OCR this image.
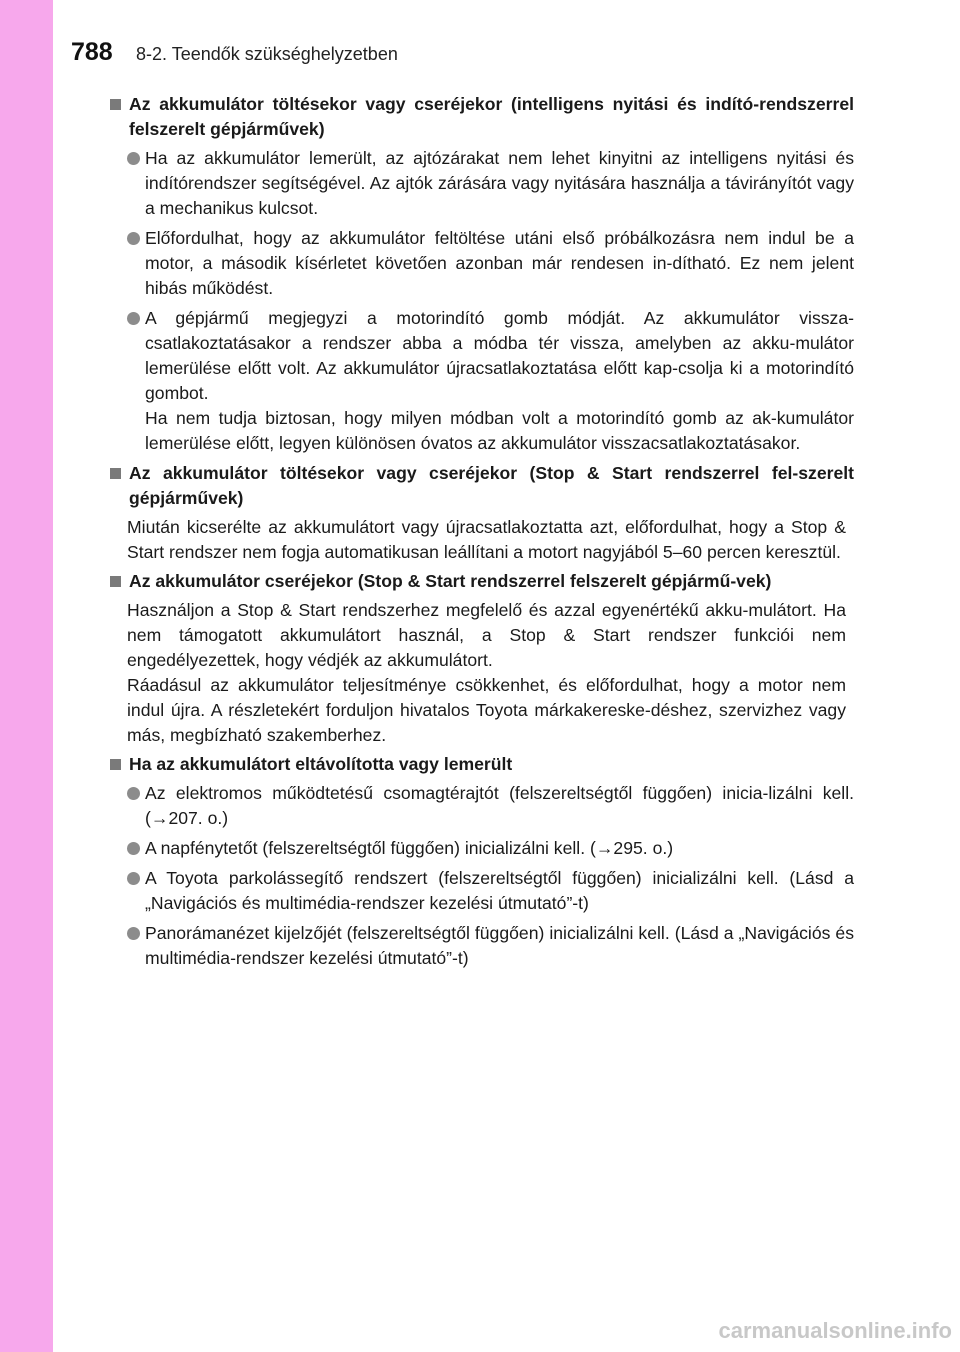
788 8-2. Teendők szükséghelyzetben
Az akkumulátor töltésekor vagy cseréjekor (intelligens nyitási és indító-rendszerrel felszerelt gépjárművek)
Ha az akkumulátor lemerült, az ajtózárakat nem lehet kinyitni az intelligens nyitási és indítórendszer segítségével. Az ajtók zárására vagy nyitására használja a távirányítót vagy a mechanikus kulcsot.
Előfordulhat, hogy az akkumulátor feltöltése utáni első próbálkozásra nem indul be a motor, a második kísérletet követően azonban már rendesen in-dítható. Ez nem jelent hibás működést.
A gépjármű megjegyzi a motorindító gomb módját. Az akkumulátor vissza-csatlakoztatásakor a rendszer abba a módba tér vissza, amelyben az akku-mulátor lemerülése előtt volt. Az akkumulátor újracsatlakoztatása előtt kap-csolja ki a motorindító gombot.
Ha nem tudja biztosan, hogy milyen módban volt a motorindító gomb az ak-kumulátor lemerülése előtt, legyen különösen óvatos az akkumulátor visszacsatlakoztatásakor.
Az akkumulátor töltésekor vagy cseréjekor (Stop & Start rendszerrel fel-szerelt gépjárművek)
Miután kicserélte az akkumulátort vagy újracsatlakoztatta azt, előfordulhat, hogy a Stop & Start rendszer nem fogja automatikusan leállítani a motort nagyjából 5–60 percen keresztül.
Az akkumulátor cseréjekor (Stop & Start rendszerrel felszerelt gépjármű-vek)
Használjon a Stop & Start rendszerhez megfelelő és azzal egyenértékű akku-mulátort. Ha nem támogatott akkumulátort használ, a Stop & Start rendszer funkciói nem engedélyezettek, hogy védjék az akkumulátort.
Ráadásul az akkumulátor teljesítménye csökkenhet, és előfordulhat, hogy a motor nem indul újra. A részletekért forduljon hivatalos Toyota márkakereske-déshez, szervizhez vagy más, megbízható szakemberhez.
Ha az akkumulátort eltávolította vagy lemerült
Az elektromos működtetésű csomagtérajtót (felszereltségtől függően) inicia-lizálni kell. (→207. o.)
A napfénytetőt (felszereltségtől függően) inicializálni kell. (→295. o.)
A Toyota parkolássegítő rendszert (felszereltségtől függően) inicializálni kell. (Lásd a „Navigációs és multimédia-rendszer kezelési útmutató”-t)
Panorámanézet kijelzőjét (felszereltségtől függően) inicializálni kell. (Lásd a „Navigációs és multimédia-rendszer kezelési útmutató”-t)
carmanualsonline.info
